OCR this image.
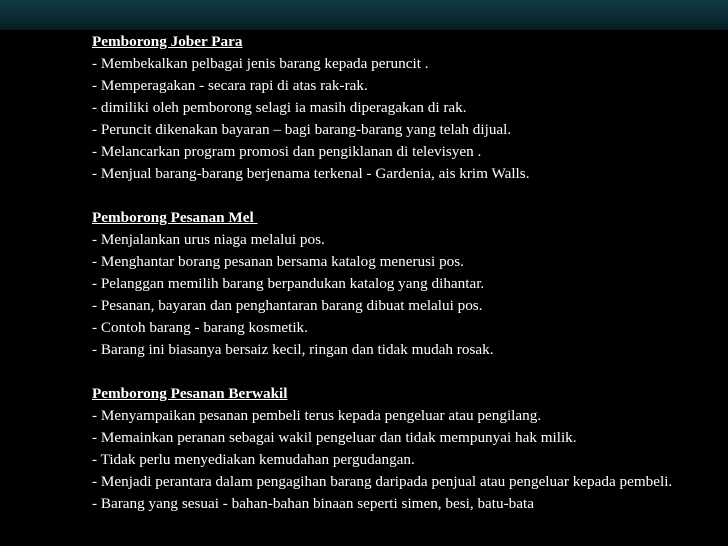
Pemborong Jober Para
- Membekalkan pelbagai jenis barang kepada peruncit .
- Memperagakan - secara rapi di atas rak-rak.
- dimiliki oleh pemborong selagi ia masih diperagakan di rak.
- Peruncit dikenakan bayaran – bagi barang-barang yang telah dijual.
- Melancarkan program promosi dan pengiklanan di televisyen .
- Menjual barang-barang berjenama terkenal - Gardenia, ais krim Walls.
Pemborong Pesanan Mel
- Menjalankan urus niaga melalui pos.
- Menghantar borang pesanan bersama katalog menerusi pos.
- Pelanggan memilih barang berpandukan katalog yang dihantar.
- Pesanan, bayaran dan penghantaran barang dibuat melalui pos.
- Contoh barang - barang kosmetik.
- Barang ini biasanya bersaiz kecil, ringan dan tidak mudah rosak.
Pemborong Pesanan Berwakil
- Menyampaikan pesanan pembeli terus kepada pengeluar atau pengilang.
- Memainkan peranan sebagai wakil pengeluar dan tidak mempunyai hak milik.
- Tidak perlu menyediakan kemudahan pergudangan.
- Menjadi perantara dalam pengagihan barang daripada penjual atau pengeluar kepada pembeli.
- Barang yang sesuai - bahan-bahan binaan seperti simen, besi, batu-bata
